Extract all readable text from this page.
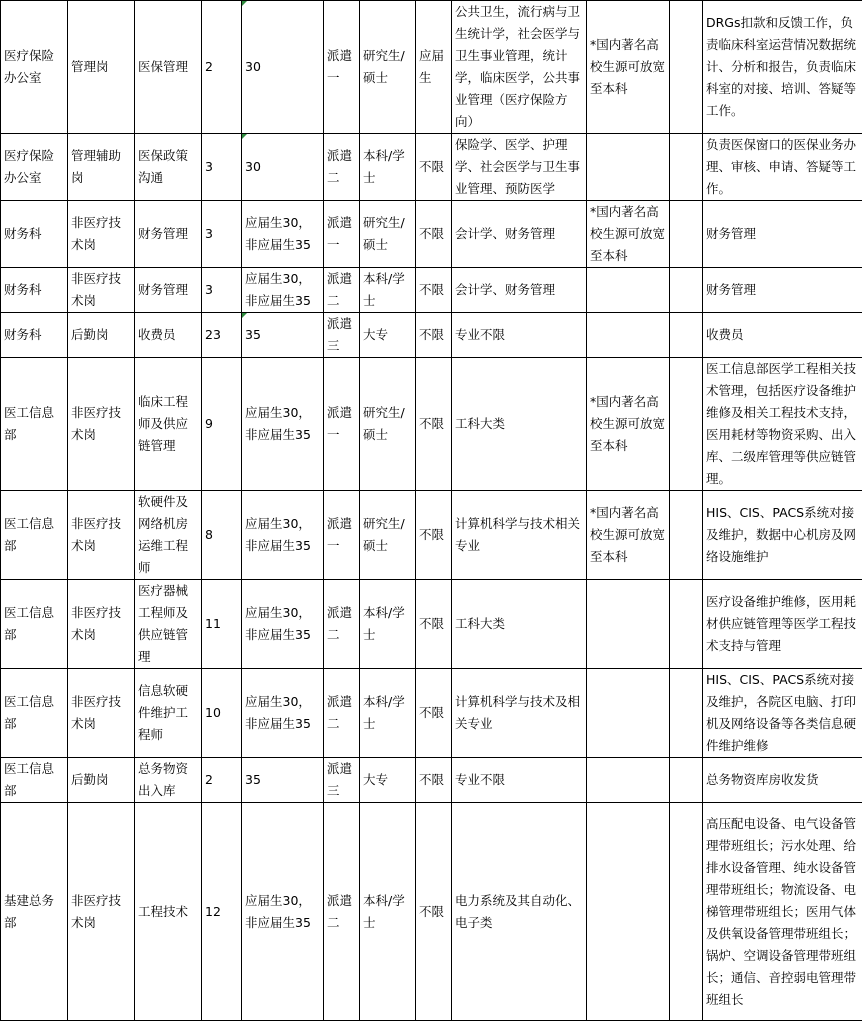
医疗保险办公室	管理岗	医保管理	2	30	派遣一	研究生/硕士	应届生	公共卫生，流行病与卫生统计学，社会医学与卫生事业管理，统计学，临床医学，公共事业管理（医疗保险方向）	*国内著名高校生源可放宽至本科		DRGs扣款和反馈工作，负责临床科室运营情况数据统计、分析和报告，负责临床科室的对接、培训、答疑等工作。
医疗保险办公室	管理辅助岗	医保政策沟通	3	30	派遣二	本科/学士	不限	保险学、医学、护理学、社会医学与卫生事业管理、预防医学			负责医保窗口的医保业务办理、审核、申请、答疑等工作。
财务科	非医疗技术岗	财务管理	3	应届生30，非应届生35	派遣一	研究生/硕士	不限	会计学、财务管理	*国内著名高校生源可放宽至本科		财务管理
财务科	非医疗技术岗	财务管理	3	应届生30，非应届生35	派遣二	本科/学士	不限	会计学、财务管理			财务管理
财务科	后勤岗	收费员	23	35	派遣三	大专	不限	专业不限			收费员
医工信息部	非医疗技术岗	临床工程师及供应链管理	9	应届生30，非应届生35	派遣一	研究生/硕士	不限	工科大类	*国内著名高校生源可放宽至本科		医工信息部医学工程相关技术管理，包括医疗设备维护维修及相关工程技术支持，医用耗材等物资采购、出入库、二级库管理等供应链管理。
医工信息部	非医疗技术岗	软硬件及网络机房运维工程师	8	应届生30，非应届生35	派遣一	研究生/硕士	不限	计算机科学与技术相关专业	*国内著名高校生源可放宽至本科		HIS、CIS、PACS系统对接及维护，数据中心机房及网络设施维护
医工信息部	非医疗技术岗	医疗器械工程师及供应链管理	11	应届生30，非应届生35	派遣二	本科/学士	不限	工科大类			医疗设备维护维修，医用耗材供应链管理等医学工程技术支持与管理
医工信息部	非医疗技术岗	信息软硬件维护工程师	10	应届生30，非应届生35	派遣二	本科/学士	不限	计算机科学与技术及相关专业			HIS、CIS、PACS系统对接及维护，各院区电脑、打印机及网络设备等各类信息硬件维护维修
医工信息部	后勤岗	总务物资出入库	2	35	派遣三	大专	不限	专业不限			总务物资库房收发货
基建总务部	非医疗技术岗	工程技术	12	应届生30，非应届生35	派遣二	本科/学士	不限	电力系统及其自动化、电子类			高压配电设备、电气设备管理带班组长；污水处理、给排水设备管理、纯水设备管理带班组长；物流设备、电梯管理带班组长；医用气体及供氧设备管理带班组长；锅炉、空调设备管理带班组长；通信、音控弱电管理带班组长
